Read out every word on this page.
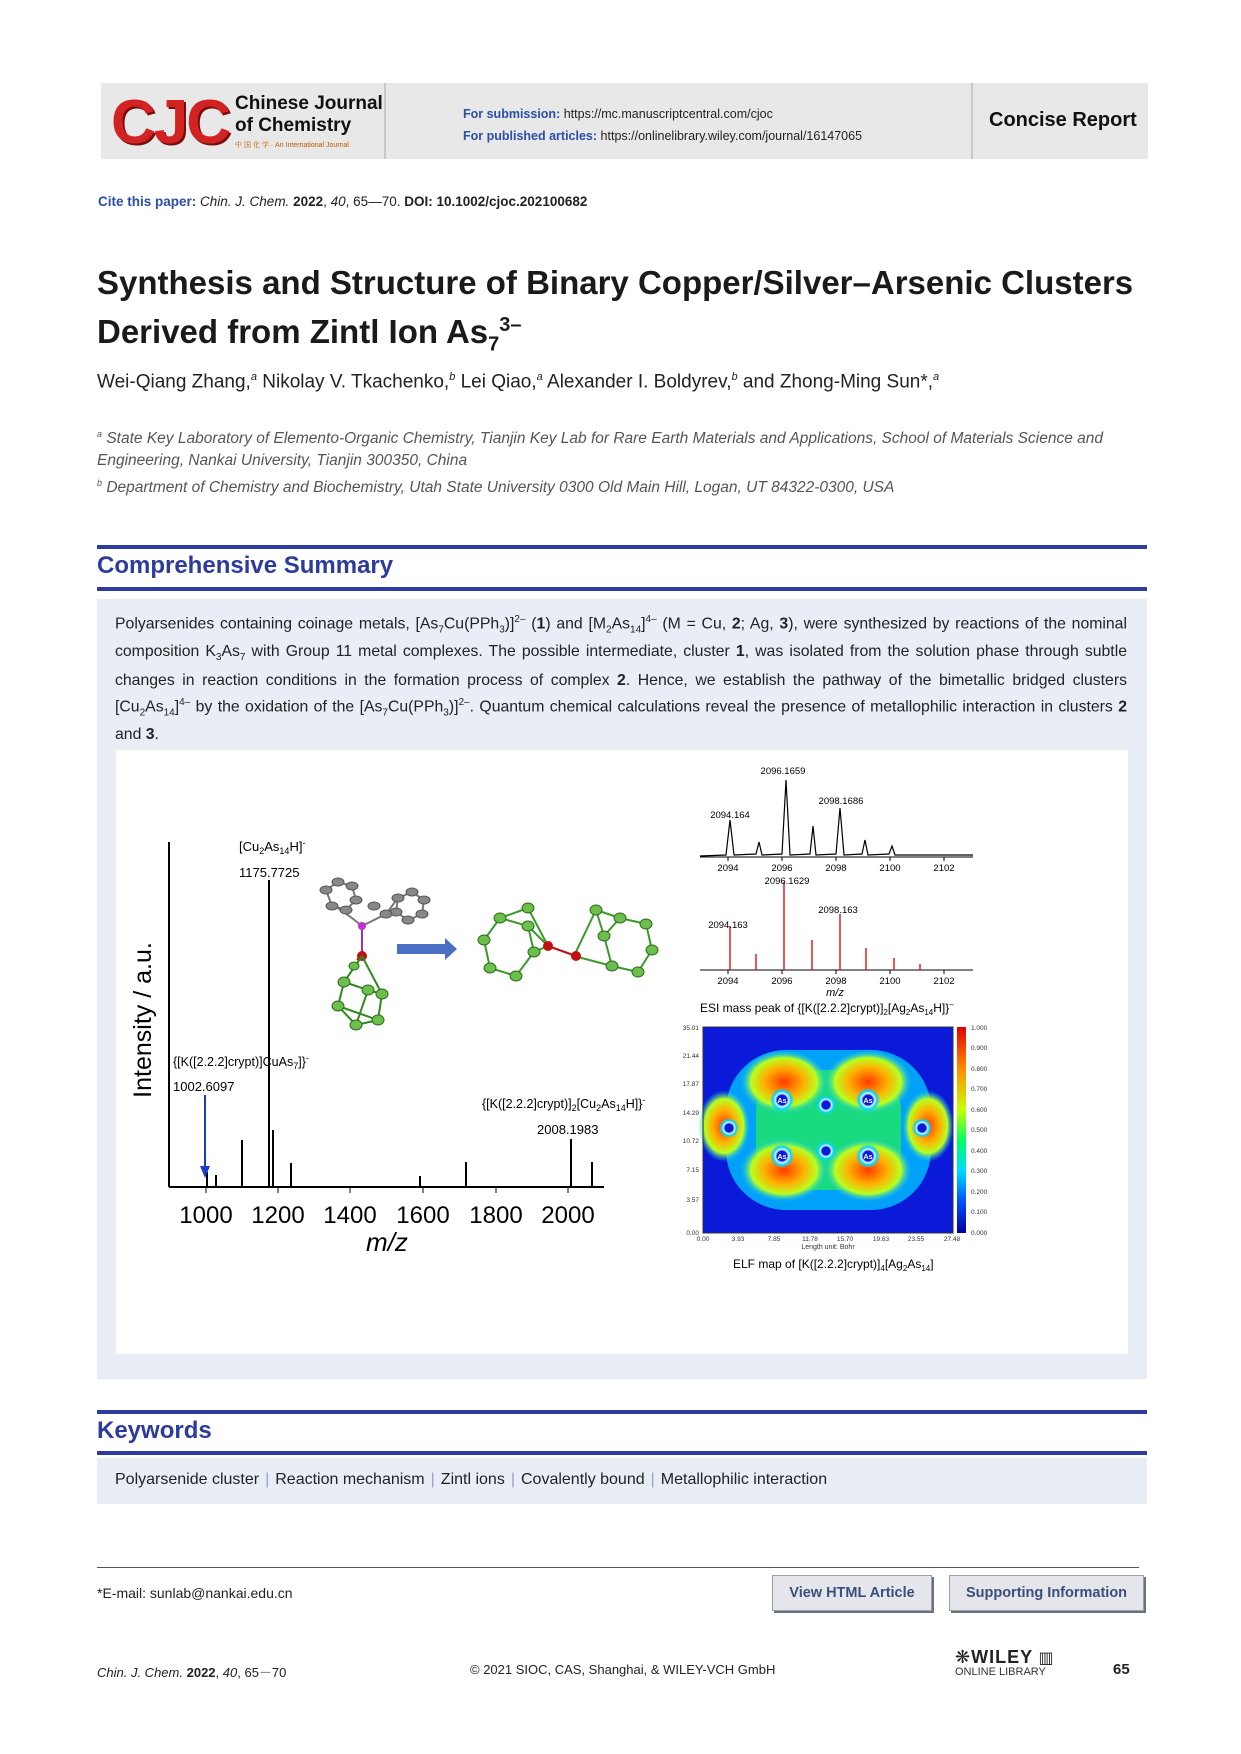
CJC Chinese Journal
of Chemistry
中 国 化 学 · An International Journal
For submission: https://mc.manuscriptcentral.com/cjoc
For published articles: https://onlinelibrary.wiley.com/journal/16147065
Concise Report
Cite this paper: Chin. J. Chem. 2022, 40, 65—70. DOI: 10.1002/cjoc.202100682
Synthesis and Structure of Binary Copper/Silver–Arsenic Clusters
Derived from Zintl Ion $As_7^{3-}$
Wei-Qiang Zhang,$^a$ Nikolay V. Tkachenko,$^b$ Lei Qiao,$^a$ Alexander I. Boldyrev,$^b$ and Zhong-Ming Sun*,$^a$
$^a$ State Key Laboratory of Elemento-Organic Chemistry, Tianjin Key Lab for Rare Earth Materials and Applications, School of Materials Science and Engineering, Nankai University, Tianjin 300350, China
$^b$ Department of Chemistry and Biochemistry, Utah State University 0300 Old Main Hill, Logan, UT 84322-0300, USA
Comprehensive Summary
Polyarsenides containing coinage metals, $[As_7Cu(PPh_3)]^{2-}$ (1) and $[M_2As_{14}]^{4-}$ (M = Cu, 2; Ag, 3), were synthesized by reactions of the nominal composition $K_3As_7$ with Group 11 metal complexes. The possible intermediate, cluster 1, was isolated from the solution phase through subtle changes in reaction conditions in the formation process of complex 2. Hence, we establish the pathway of the bimetallic bridged clusters $[Cu_2As_{14}]^{4-}$ by the oxidation of the $[As_7Cu(PPh_3)]^{2-}$. Quantum chemical calculations reveal the presence of metallophilic interaction in clusters 2 and 3.
Intensity / a.u.
1000 1200 1400 1600 1800 2000
m/z
$[Cu_2As_{14}H]^-$
1175.7725
{[K([2.2.2]crypt)]CuAs$_7$]}-
1002.6097
$\{[K([2.2.2]crypt)]_2[Cu_2As_{14}H]\}^-$
2008.1983
2094	2096	2098	2100	2102
2094.164
2096.1659
2098.1686
2094	2096	2098	2100	2102
2094.163
2096.1629
2098.163
m/z
ESI mass peak of $\{[K([2.2.2]crypt)]_2[Ag_2As_{14}H]\}^-$
As	As
As	As
35.01
21.44
17.87
14.29
10.72
7.15
3.57
0.00
0.00	3.93	7.85	11.78	15.70	19.63	23.55	27.48
Length unit: Bohr
1.000
0.900
0.800
0.700
0.600
0.500
0.400
0.300
0.200
0.100
0.000
ELF map of $[K([2.2.2]crypt)]_4[Ag_2As_{14}]$
Keywords
Polyarsenide cluster | Reaction mechanism | Zintl ions | Covalently bound | Metallophilic interaction
*E-mail: sunlab@nankai.edu.cn	View HTML Article	Supporting Information
Chin. J. Chem. 2022, 40, 65－70	© 2021 SIOC, CAS, Shanghai, & WILEY-VCH GmbH
❋WILEY ▥
ONLINE LIBRARY	65
